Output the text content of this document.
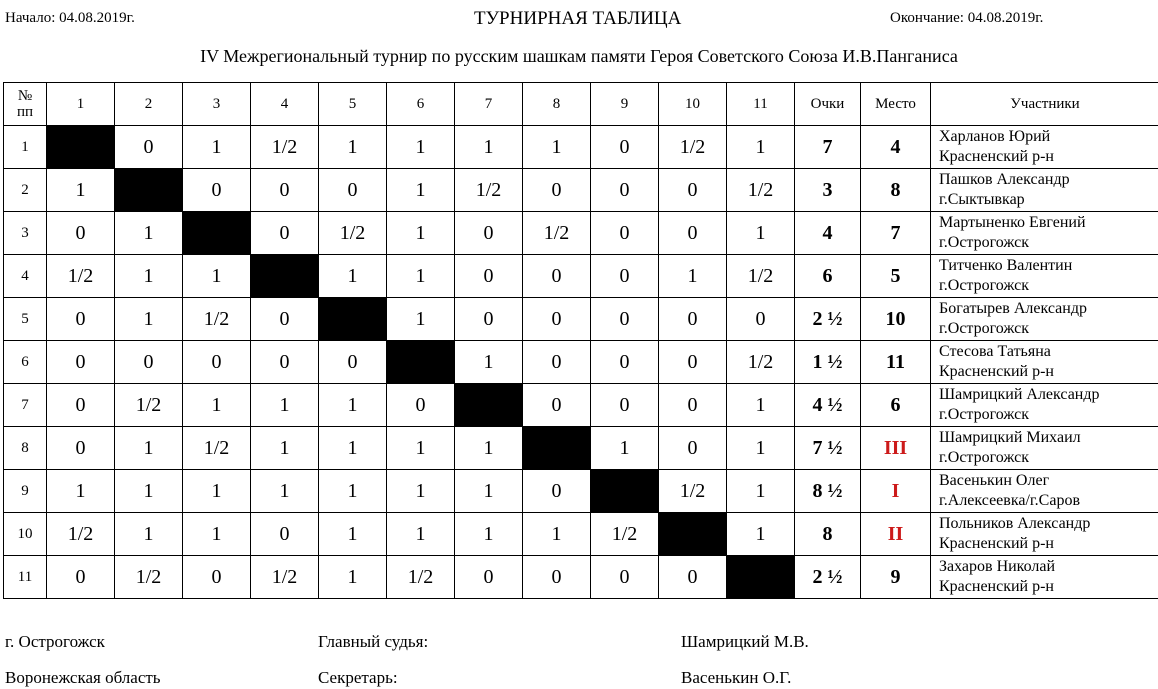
Начало: 04.08.2019г.	ТУРНИРНАЯ ТАБЛИЦА	Окончание: 04.08.2019г.
IV Межрегиональный турнир по русским шашкам памяти Героя Советского Союза И.В.Панганиса
№
пп	1	2	3	4	5	6	7	8	9	10	11	Очки	Место	Участники
1		0	1	1/2	1	1	1	1	0	1/2	1	7	4	Харланов Юрий
Красненский р-н

2	1		0	0	0	1	1/2	0	0	0	1/2	3	8	Пашков Александр
г.Сыктывкар

3	0	1		0	1/2	1	0	1/2	0	0	1	4	7	Мартыненко Евгений
г.Острогожск

4	1/2	1	1		1	1	0	0	0	1	1/2	6	5	Титченко Валентин
г.Острогожск

5	0	1	1/2	0		1	0	0	0	0	0	2 ½	10	Богатырев Александр
г.Острогожск

6	0	0	0	0	0		1	0	0	0	1/2	1 ½	11	Стесова Татьяна
Красненский р-н

7	0	1/2	1	1	1	0		0	0	0	1	4 ½	6	Шамрицкий Александр
г.Острогожск

8	0	1	1/2	1	1	1	1		1	0	1	7 ½	III	Шамрицкий Михаил
г.Острогожск

9	1	1	1	1	1	1	1	0		1/2	1	8 ½	I	Васенькин Олег
г.Алексеевка/г.Саров

10	1/2	1	1	0	1	1	1	1	1/2		1	8	II	Польников Александр
Красненский р-н

11	0	1/2	0	1/2	1	1/2	0	0	0	0		2 ½	9	Захаров Николай
Красненский р-н
г. Острогожск
Воронежская область
Главный судья:
Секретарь:
Шамрицкий М.В.
Васенькин О.Г.
